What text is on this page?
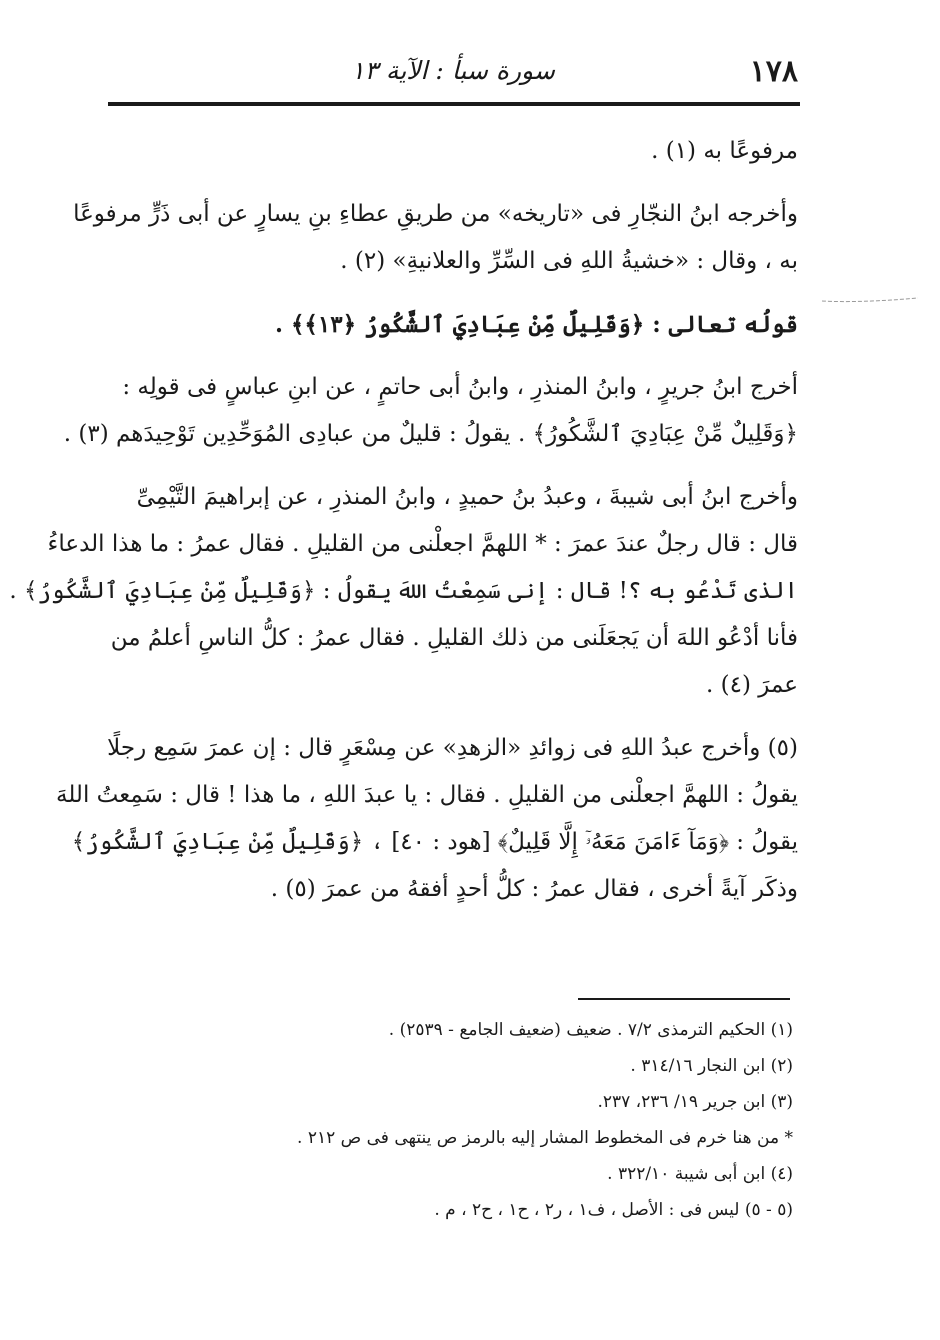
١٧٨
سورة سبأ : الآية ١٣

مرفوعًا به (١) .

وأخرجه ابنُ النجّارِ فى «تاريخه» من طريقِ عطاءِ بنِ يسارٍ عن أبى ذَرٍّ مرفوعًا
به ، وقال : «خشيةُ اللهِ فى السِّرِّ والعلانيةِ» (٢) .

قولُه تعالى : ﴿وَقَلِيلٌ مِّنْ عِبَادِيَ ٱلشَّكُورُ ﴿١٣﴾﴾ .

أخرج ابنُ جريرٍ ، وابنُ المنذرِ ، وابنُ أبى حاتمٍ ، عن ابنِ عباسٍ فى قولِه :
﴿وَقَلِيلٌ مِّنْ عِبَادِيَ ٱلشَّكُورُ﴾ . يقولُ : قليلٌ من عبادِى المُوَحِّدِين تَوْحِيدَهم (٣) .

وأخرج ابنُ أبى شيبةَ ، وعبدُ بنُ حميدٍ ، وابنُ المنذرِ ، عن إبراهيمَ التَّيْمِىِّ
قال : قال رجلٌ عندَ عمرَ : * اللهمَّ اجعلْنى من القليلِ . فقال عمرُ : ما هذا الدعاءُ
الذى تَدْعُو به ؟! قال : إنى سَمِعْتُ اللهَ يقولُ : ﴿وَقَلِيلٌ مِّنْ عِبَادِيَ ٱلشَّكُورُ﴾ .
فأنا أدْعُو اللهَ أن يَجعَلَنى من ذلك القليلِ . فقال عمرُ : كلُّ الناسِ أعلمُ من
عمرَ (٤) .

(٥) وأخرج عبدُ اللهِ فى زوائدِ «الزهدِ» عن مِسْعَرٍ قال : إن عمرَ سَمِع رجلًا
يقولُ : اللهمَّ اجعلْنى من القليلِ . فقال : يا عبدَ اللهِ ، ما هذا ! قال : سَمِعتُ اللهَ
يقولُ : ﴿وَمَآ ءَامَنَ مَعَهُۥٓ إِلَّا قَلِيلٌ﴾ [هود : ٤٠] ، ﴿وَقَلِيلٌ مِّنْ عِبَادِيَ ٱلشَّكُورُ﴾
وذكَر آيةً أخرى ، فقال عمرُ : كلُّ أحدٍ أفقهُ من عمرَ (٥) .

(١) الحكيم الترمذى ٧/٢ . ضعيف (ضعيف الجامع - ٢٥٣٩) .
(٢) ابن النجار ٣١٤/١٦ .
(٣) ابن جرير ١٩/ ٢٣٦، ٢٣٧.
* من هنا خرم فى المخطوط المشار إليه بالرمز ص ينتهى فى ص ٢١٢ .
(٤) ابن أبى شيبة ٣٢٢/١٠ .
(٥ - ٥) ليس فى : الأصل ، ف١ ، ر٢ ، ح١ ، ح٢ ، م .
